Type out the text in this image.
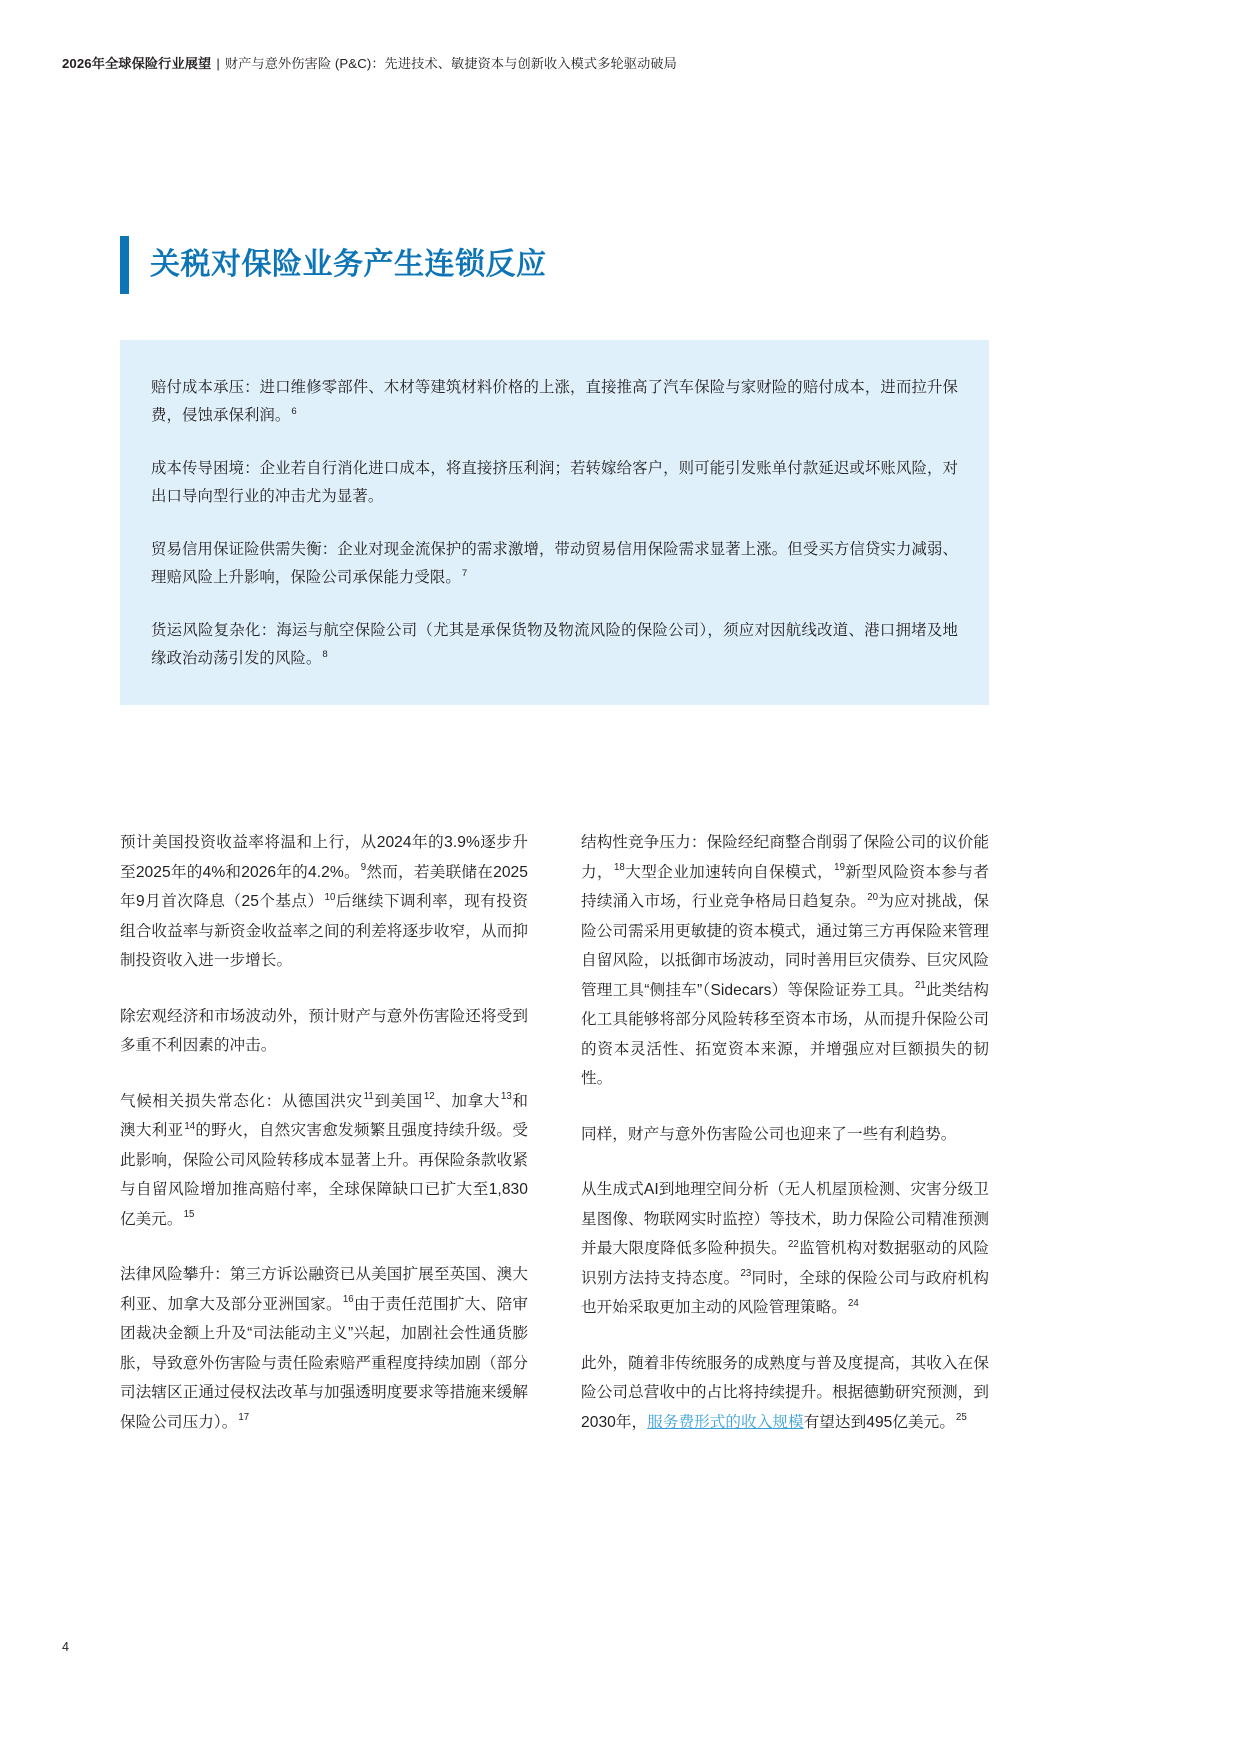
2026年全球保险行业展望 | 财产与意外伤害险 (P&C)：先进技术、敏捷资本与创新收入模式多轮驱动破局
关税对保险业务产生连锁反应

赔付成本承压：进口维修零部件、木材等建筑材料价格的上涨，直接推高了汽车保险与家财险的赔付成本，进而拉升保费，侵蚀承保利润。$^6$

成本传导困境：企业若自行消化进口成本，将直接挤压利润；若转嫁给客户，则可能引发账单付款延迟或坏账风险，对出口导向型行业的冲击尤为显著。

贸易信用保证险供需失衡：企业对现金流保护的需求激增，带动贸易信用保险需求显著上涨。但受买方信贷实力减弱、理赔风险上升影响，保险公司承保能力受限。$^7$

货运风险复杂化：海运与航空保险公司（尤其是承保货物及物流风险的保险公司），须应对因航线改道、港口拥堵及地缘政治动荡引发的风险。$^8$

预计美国投资收益率将温和上行，从2024年的3.9%逐步升至2025年的4%和2026年的4.2%。$^9$然而，若美联储在2025年9月首次降息（25个基点）$^{10}$后继续下调利率，现有投资组合收益率与新资金收益率之间的利差将逐步收窄，从而抑制投资收入进一步增长。

除宏观经济和市场波动外，预计财产与意外伤害险还将受到多重不利因素的冲击。

气候相关损失常态化：从德国洪灾$^{11}$到美国$^{12}$、加拿大$^{13}$和澳大利亚$^{14}$的野火，自然灾害愈发频繁且强度持续升级。受此影响，保险公司风险转移成本显著上升。再保险条款收紧与自留风险增加推高赔付率，全球保障缺口已扩大至1,830亿美元。$^{15}$

法律风险攀升：第三方诉讼融资已从美国扩展至英国、澳大利亚、加拿大及部分亚洲国家。$^{16}$由于责任范围扩大、陪审团裁决金额上升及“司法能动主义”兴起，加剧社会性通货膨胀，导致意外伤害险与责任险索赔严重程度持续加剧（部分司法辖区正通过侵权法改革与加强透明度要求等措施来缓解保险公司压力）。$^{17}$

结构性竞争压力：保险经纪商整合削弱了保险公司的议价能力，$^{18}$大型企业加速转向自保模式，$^{19}$新型风险资本参与者持续涌入市场，行业竞争格局日趋复杂。$^{20}$为应对挑战，保险公司需采用更敏捷的资本模式，通过第三方再保险来管理自留风险，以抵御市场波动，同时善用巨灾债券、巨灾风险管理工具“侧挂车”（Sidecars）等保险证券工具。$^{21}$此类结构化工具能够将部分风险转移至资本市场，从而提升保险公司的资本灵活性、拓宽资本来源，并增强应对巨额损失的韧性。

同样，财产与意外伤害险公司也迎来了一些有利趋势。

从生成式AI到地理空间分析（无人机屋顶检测、灾害分级卫星图像、物联网实时监控）等技术，助力保险公司精准预测并最大限度降低多险种损失。$^{22}$监管机构对数据驱动的风险识别方法持支持态度。$^{23}$同时，全球的保险公司与政府机构也开始采取更加主动的风险管理策略。$^{24}$

此外，随着非传统服务的成熟度与普及度提高，其收入在保险公司总营收中的占比将持续提升。根据德勤研究预测，到2030年，服务费形式的收入规模有望达到495亿美元。$^{25}$

4
